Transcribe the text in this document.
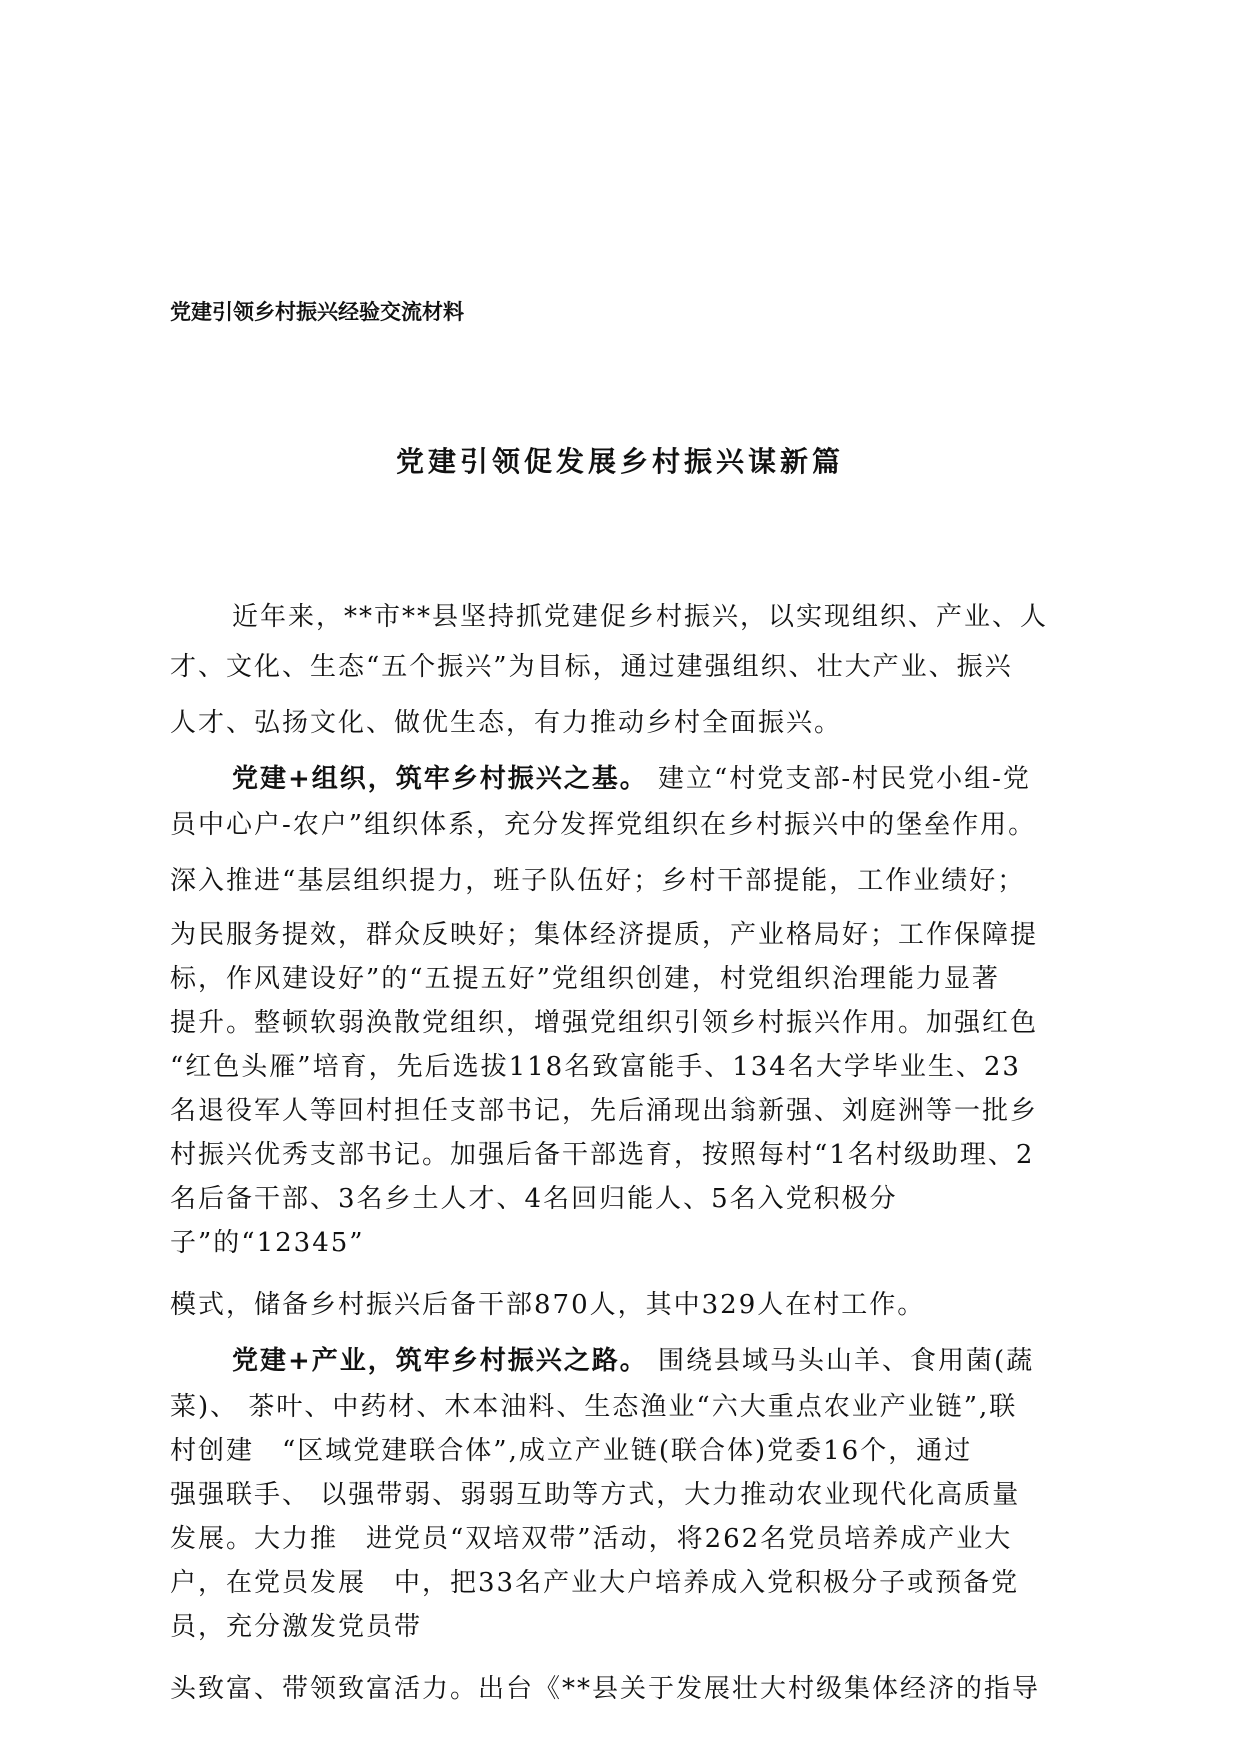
党建引领乡村振兴经验交流材料
党建引领促发展乡村振兴谋新篇
近年来，**市**县坚持抓党建促乡村振兴，以实现组织、产业、人
才、文化、生态“五个振兴”为目标，通过建强组织、壮大产业、振兴
人才、弘扬文化、做优生态，有力推动乡村全面振兴。
党建+组织，筑牢乡村振兴之基。 建立“村党支部-村民党小组-党
员中心户-农户”组织体系，充分发挥党组织在乡村振兴中的堡垒作用。
深入推进“基层组织提力，班子队伍好；乡村干部提能，工作业绩好；
为民服务提效，群众反映好；集体经济提质，产业格局好；工作保障提
标，作风建设好”的“五提五好”党组织创建，村党组织治理能力显著
提升。整顿软弱涣散党组织，增强党组织引领乡村振兴作用。加强红色
“红色头雁”培育，先后选拔118名致富能手、134名大学毕业生、23
名退役军人等回村担任支部书记，先后涌现出翁新强、刘庭洲等一批乡
村振兴优秀支部书记。加强后备干部选育，按照每村“1名村级助理、2
名后备干部、3名乡土人才、4名回归能人、5名入党积极分
子”的“12345”
模式，储备乡村振兴后备干部870人，其中329人在村工作。
党建+产业，筑牢乡村振兴之路。 围绕县域马头山羊、食用菌(蔬
菜)、 茶叶、中药材、木本油料、生态渔业“六大重点农业产业链”,联
村创建　“区域党建联合体”,成立产业链(联合体)党委16个，通过
强强联手、 以强带弱、弱弱互助等方式，大力推动农业现代化高质量
发展。大力推　进党员“双培双带”活动，将262名党员培养成产业大
户，在党员发展　中，把33名产业大户培养成入党积极分子或预备党
员，充分激发党员带
头致富、带领致富活力。出台《**县关于发展壮大村级集体经济的指导
